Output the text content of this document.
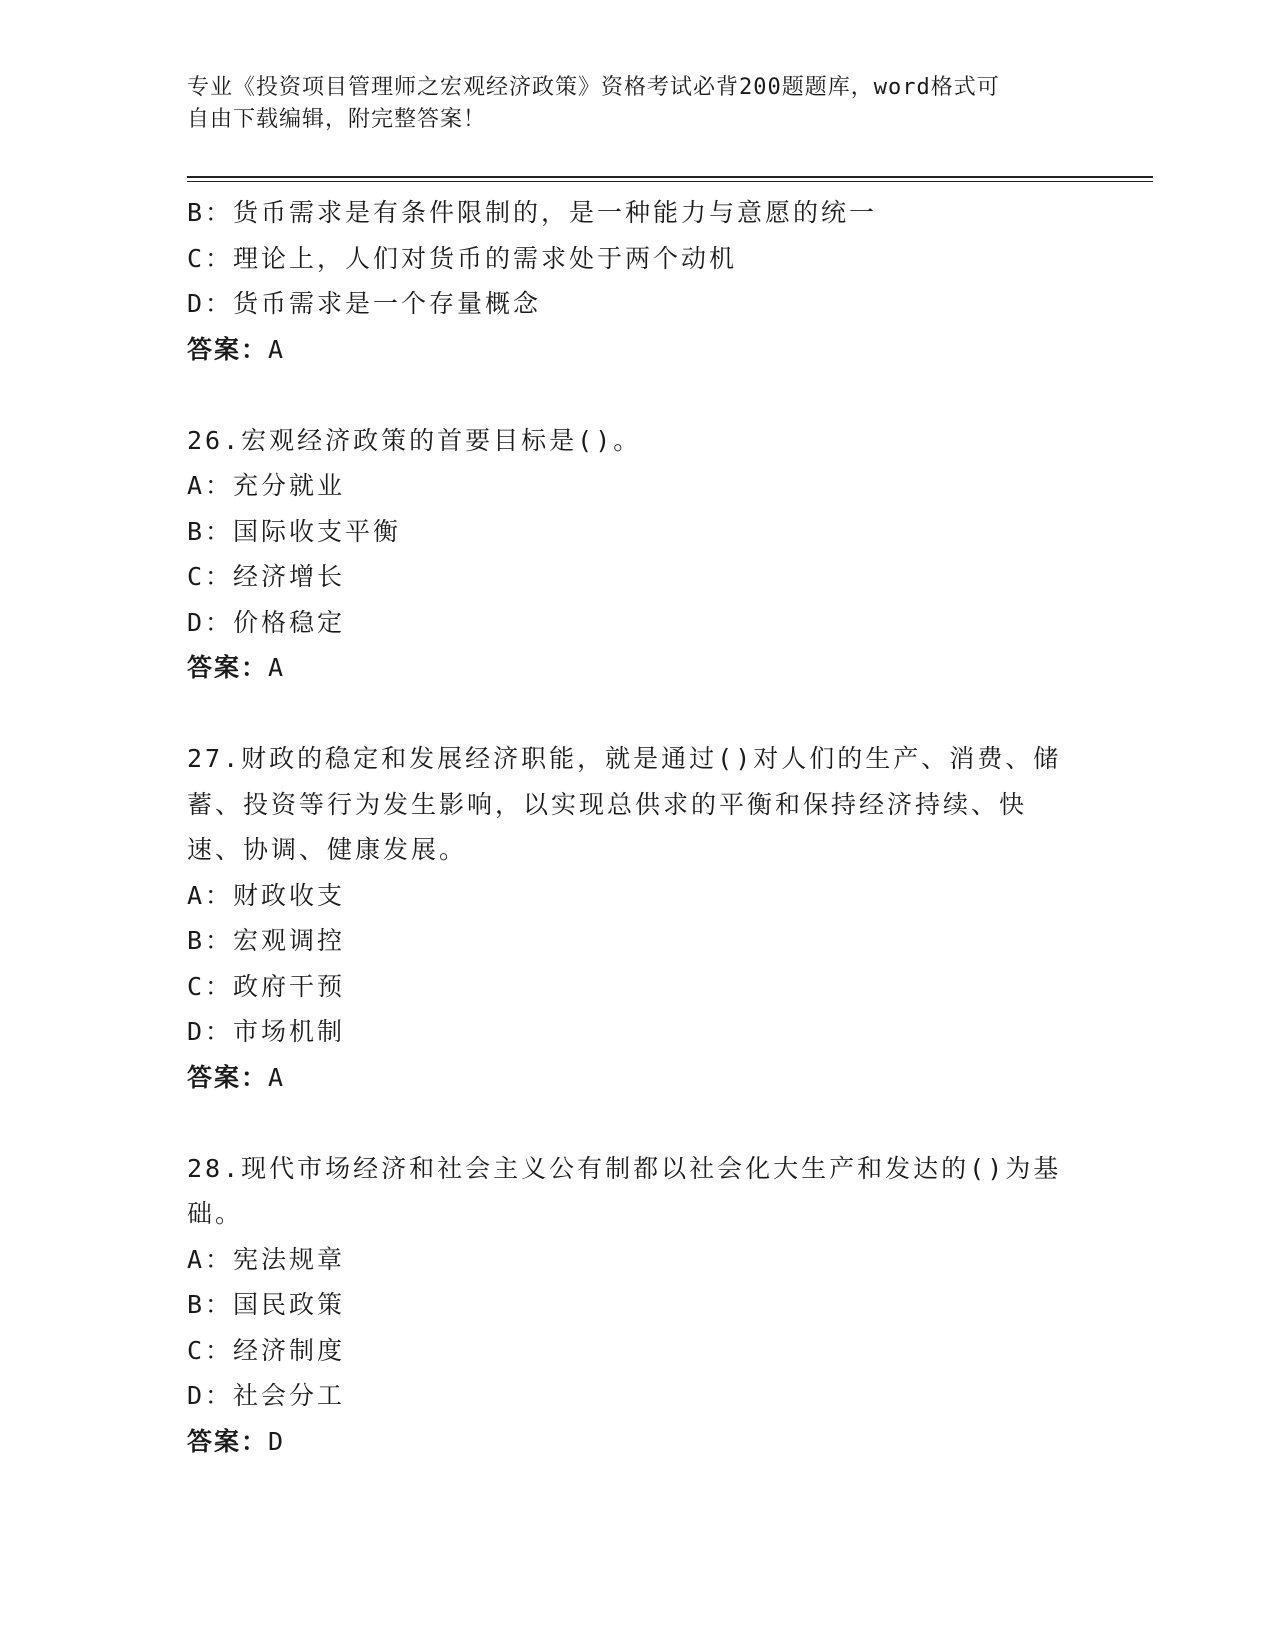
专业《投资项目管理师之宏观经济政策》资格考试必背200题题库，word格式可
自由下载编辑，附完整答案！
B：货币需求是有条件限制的，是一种能力与意愿的统一
C：理论上，人们对货币的需求处于两个动机
D：货币需求是一个存量概念
答案：A
26.宏观经济政策的首要目标是()。
A：充分就业
B：国际收支平衡
C：经济增长
D：价格稳定
答案：A
27.财政的稳定和发展经济职能，就是通过()对人们的生产、消费、储
蓄、投资等行为发生影响，以实现总供求的平衡和保持经济持续、快
速、协调、健康发展。
A：财政收支
B：宏观调控
C：政府干预
D：市场机制
答案：A
28.现代市场经济和社会主义公有制都以社会化大生产和发达的()为基
础。
A：宪法规章
B：国民政策
C：经济制度
D：社会分工
答案：D
